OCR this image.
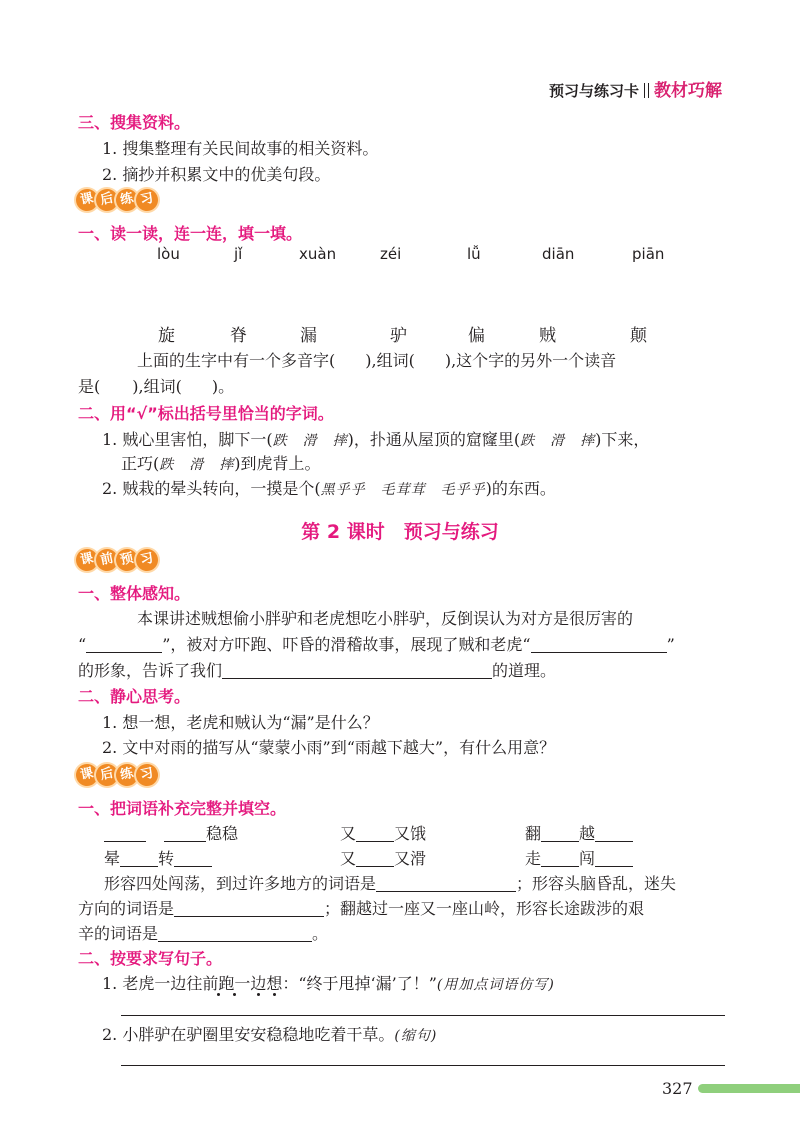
预习与练习卡 教材巧解
三、搜集资料。
1. 搜集整理有关民间故事的相关资料。
2. 摘抄并积累文中的优美句段。
课 后 练 习
一、读一读，连一连，填一填。
lòu	jǐ	xuàn	zéi	lǚ	diān	piān
旋	脊	漏	驴	偏	贼	颠
上面的生字中有一个多音字( ),组词( ),这个字的另外一个读音
是( ),组词( )。
二、用“√”标出括号里恰当的字词。
1. 贼心里害怕，脚下一(跌　滑　摔)，扑通从屋顶的窟窿里(跌　滑　摔)下来，
正巧(跌　滑　摔)到虎背上。
2. 贼栽的晕头转向，一摸是个(黑乎乎　毛茸茸　毛乎乎)的东西。
第 2 课时　预习与练习
课 前 预 习
一、整体感知。
本课讲述贼想偷小胖驴和老虎想吃小胖驴，反倒误认为对方是很厉害的
“	”，被对方吓跑、吓昏的滑稽故事，展现了贼和老虎“	”
的形象，告诉了我们	的道理。
二、静心思考。
1. 想一想，老虎和贼认为“漏”是什么？
2. 文中对雨的描写从“蒙蒙小雨”到“雨越下越大”，有什么用意？
课 后 练 习
一、把词语补充完整并填空。
稳稳	又 又饿	翻 越
晕 转	又 又滑	走 闯
形容四处闯荡，到过许多地方的词语是	；形容头脑昏乱，迷失
方向的词语是	；翻越过一座又一座山岭，形容长途跋涉的艰
辛的词语是	。
二、按要求写句子。
1. 老虎一边往前跑一边想：“终于甩掉‘漏’了！”(用加点词语仿写)
2. 小胖驴在驴圈里安安稳稳地吃着干草。(缩句)
327
